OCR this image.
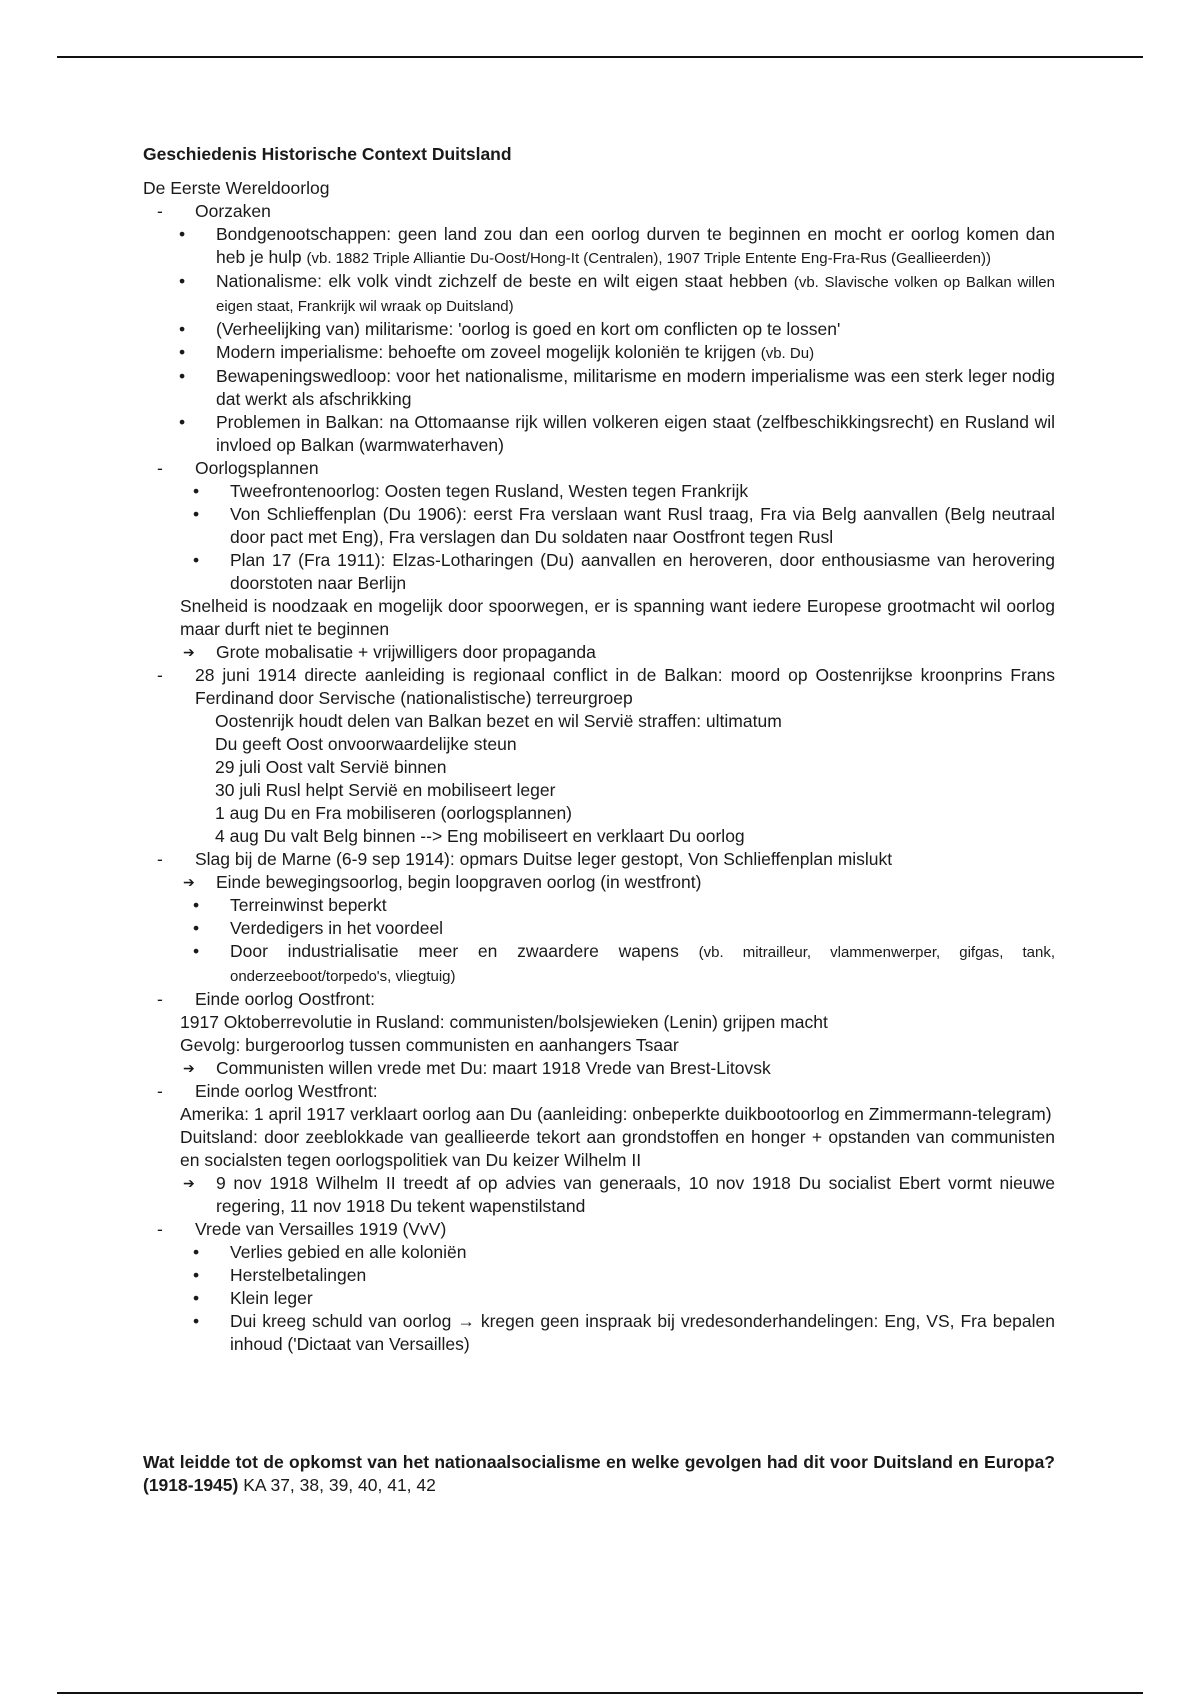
Geschiedenis Historische Context Duitsland
De Eerste Wereldoorlog
- Oorzaken
• Bondgenootschappen: geen land zou dan een oorlog durven te beginnen en mocht er oorlog komen dan heb je hulp (vb. 1882 Triple Alliantie Du-Oost/Hong-It (Centralen), 1907 Triple Entente Eng-Fra-Rus (Geallieerden))
• Nationalisme: elk volk vindt zichzelf de beste en wilt eigen staat hebben (vb. Slavische volken op Balkan willen eigen staat, Frankrijk wil wraak op Duitsland)
• (Verheelijking van) militarisme: 'oorlog is goed en kort om conflicten op te lossen'
• Modern imperialisme: behoefte om zoveel mogelijk koloniën te krijgen (vb. Du)
• Bewapeningswedloop: voor het nationalisme, militarisme en modern imperialisme was een sterk leger nodig dat werkt als afschrikking
• Problemen in Balkan: na Ottomaanse rijk willen volkeren eigen staat (zelfbeschikkingsrecht) en Rusland wil invloed op Balkan (warmwaterhaven)
- Oorlogsplannen
• Tweefrontenoorlog: Oosten tegen Rusland, Westen tegen Frankrijk
• Von Schlieffenplan (Du 1906): eerst Fra verslaan want Rusl traag, Fra via Belg aanvallen (Belg neutraal door pact met Eng), Fra verslagen dan Du soldaten naar Oostfront tegen Rusl
• Plan 17 (Fra 1911): Elzas-Lotharingen (Du) aanvallen en heroveren, door enthousiasme van herovering doorstoten naar Berlijn
Snelheid is noodzaak en mogelijk door spoorwegen, er is spanning want iedere Europese grootmacht wil oorlog maar durft niet te beginnen
➔ Grote mobalisatie + vrijwilligers door propaganda
- 28 juni 1914 directe aanleiding is regionaal conflict in de Balkan: moord op Oostenrijkse kroonprins Frans Ferdinand door Servische (nationalistische) terreurgroep
Oostenrijk houdt delen van Balkan bezet en wil Servië straffen: ultimatum
Du geeft Oost onvoorwaardelijke steun
29 juli Oost valt Servië binnen
30 juli Rusl helpt Servië en mobiliseert leger
1 aug Du en Fra mobiliseren (oorlogsplannen)
4 aug Du valt Belg binnen --> Eng mobiliseert en verklaart Du oorlog
- Slag bij de Marne (6-9 sep 1914): opmars Duitse leger gestopt, Von Schlieffenplan mislukt
➔ Einde bewegingsoorlog, begin loopgraven oorlog (in westfront)
• Terreinwinst beperkt
• Verdedigers in het voordeel
• Door industrialisatie meer en zwaardere wapens (vb. mitrailleur, vlammenwerper, gifgas, tank, onderzeeboot/torpedo's, vliegtuig)
- Einde oorlog Oostfront:
1917 Oktoberrevolutie in Rusland: communisten/bolsjewieken (Lenin) grijpen macht
Gevolg: burgeroorlog tussen communisten en aanhangers Tsaar
➔ Communisten willen vrede met Du: maart 1918 Vrede van Brest-Litovsk
- Einde oorlog Westfront:
Amerika: 1 april 1917 verklaart oorlog aan Du (aanleiding: onbeperkte duikbootoorlog en Zimmermann-telegram)
Duitsland: door zeeblokkade van geallieerde tekort aan grondstoffen en honger + opstanden van communisten en socialsten tegen oorlogspolitiek van Du keizer Wilhelm II
➔ 9 nov 1918 Wilhelm II treedt af op advies van generaals, 10 nov 1918 Du socialist Ebert vormt nieuwe regering, 11 nov 1918 Du tekent wapenstilstand
- Vrede van Versailles 1919 (VvV)
• Verlies gebied en alle koloniën
• Herstelbetalingen
• Klein leger
• Dui kreeg schuld van oorlog → kregen geen inspraak bij vredesonderhandelingen: Eng, VS, Fra bepalen inhoud ('Dictaat van Versailles)
Wat leidde tot de opkomst van het nationaalsocialisme en welke gevolgen had dit voor Duitsland en Europa? (1918-1945) KA 37, 38, 39, 40, 41, 42
